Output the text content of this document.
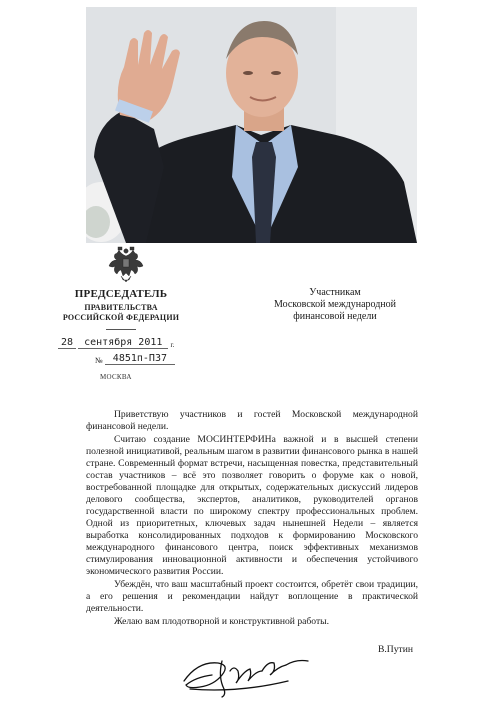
ПРЕДСЕДАТЕЛЬ
ПРАВИТЕЛЬСТВА
РОССИЙСКОЙ ФЕДЕРАЦИИ
28 сентября 2011 г.
№ 4851п-П37
МОСКВА
Участникам
Московской международной
финансовой недели

Приветствую участников и гостей Московской международной финансовой недели.

Считаю создание МОСИНТЕРФИНа важной и в высшей степени полезной инициативой, реальным шагом в развитии финансового рынка в нашей стране. Современный формат встречи, насыщенная повестка, представительный состав участников – всё это позволяет говорить о форуме как о новой, востребованной площадке для открытых, содержательных дискуссий лидеров делового сообщества, экспертов, аналитиков, руководителей органов государственной власти по широкому спектру профессиональных проблем. Одной из приоритетных, ключевых задач нынешней Недели – является выработка консолидированных подходов к формированию Московского международного финансового центра, поиск эффективных механизмов стимулирования инновационной активности и обеспечения устойчивого экономического развития России.

Убеждён, что ваш масштабный проект состоится, обретёт свои традиции, а его решения и рекомендации найдут воплощение в практической деятельности.

Желаю вам плодотворной и конструктивной работы.

В.Путин
